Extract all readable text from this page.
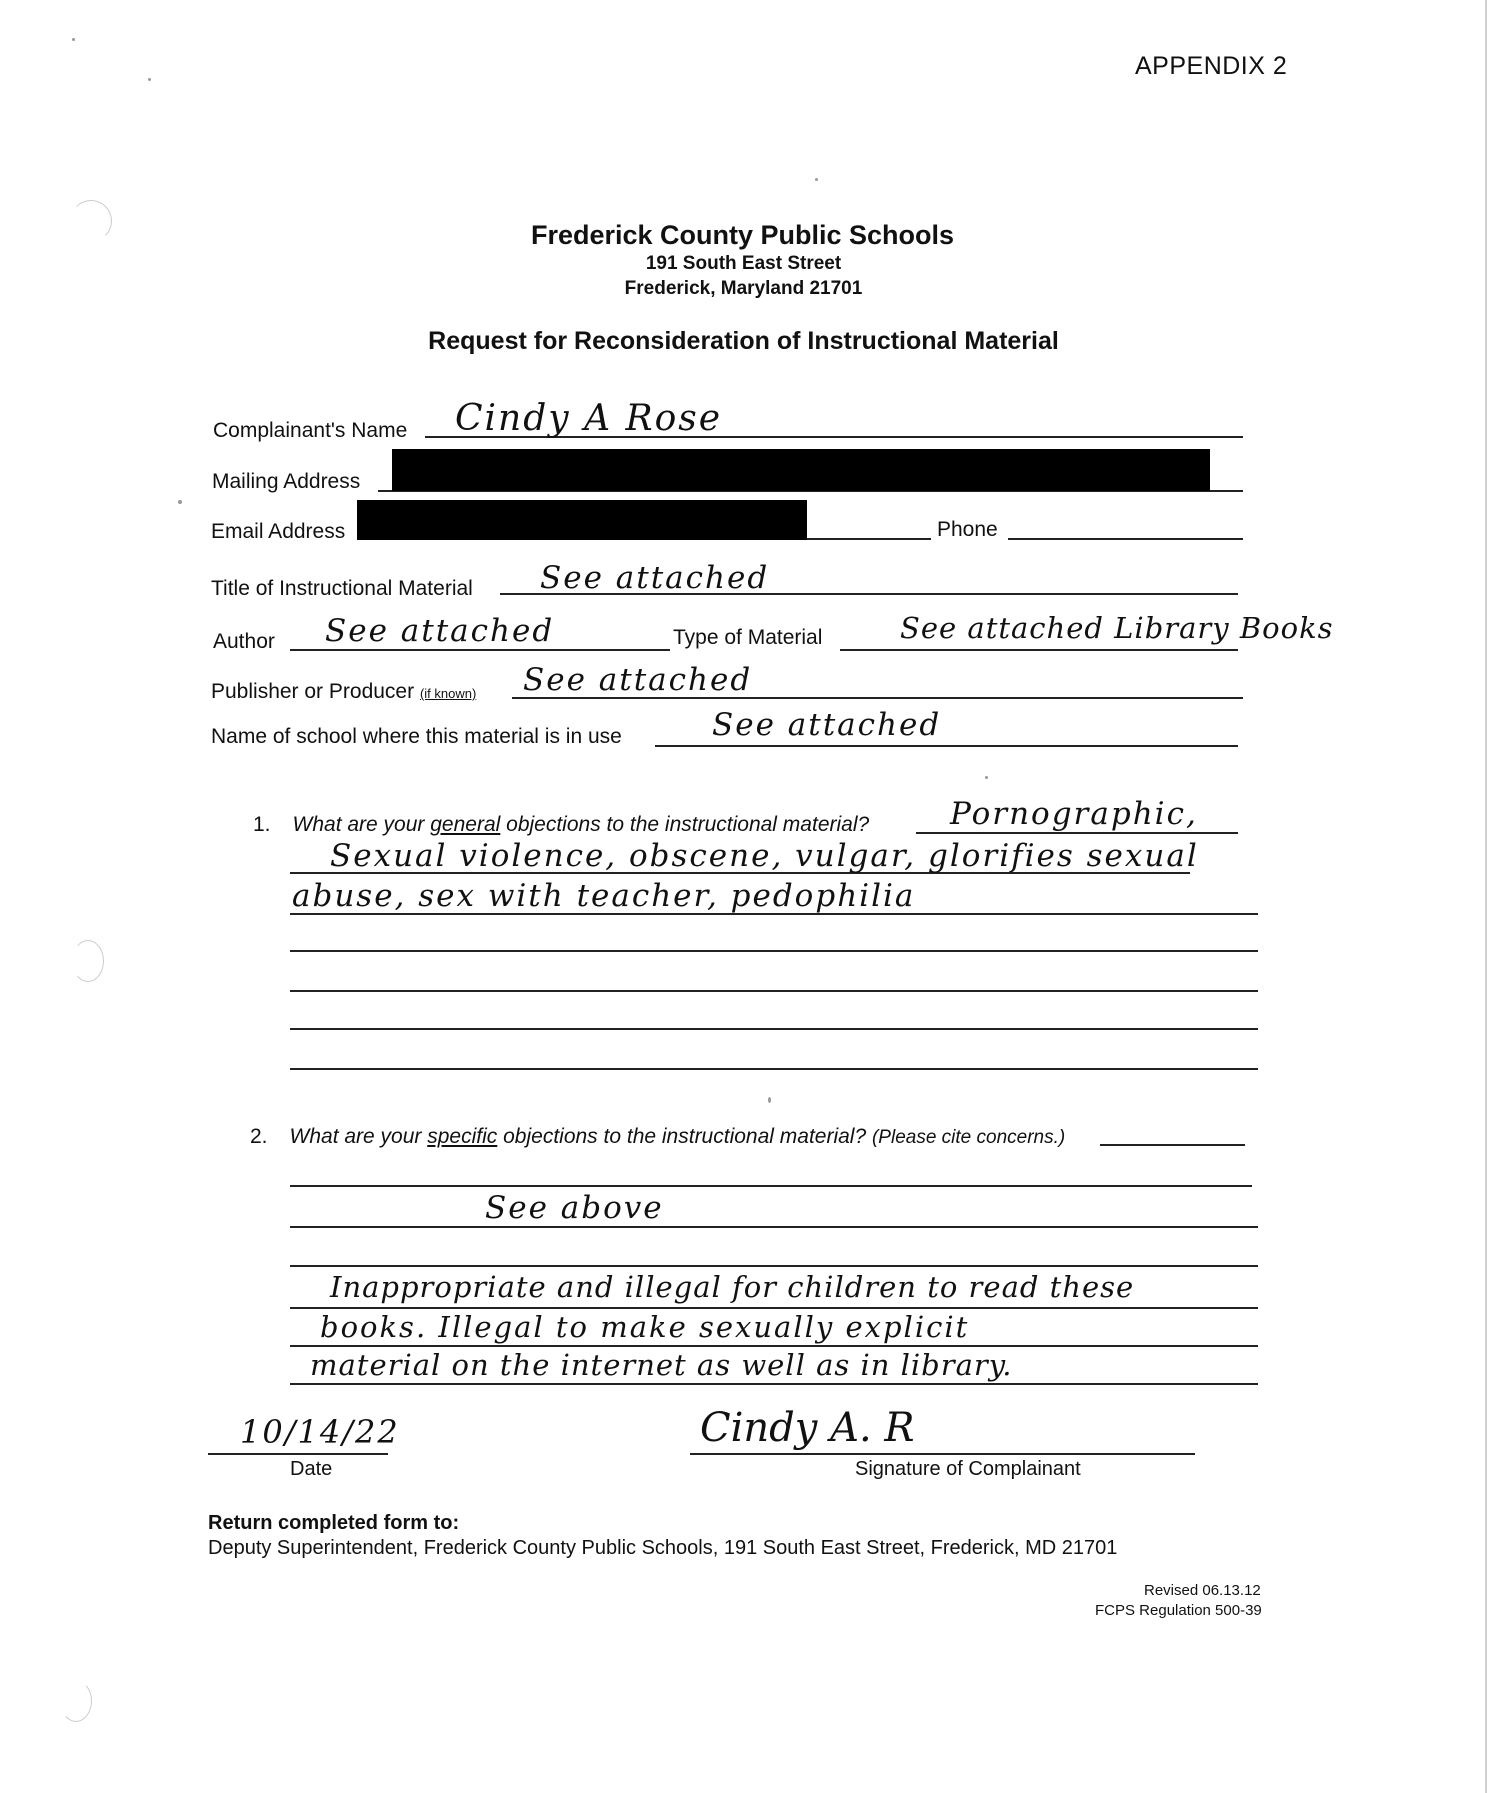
APPENDIX 2
Frederick County Public Schools
191 South East Street
Frederick, Maryland 21701
Request for Reconsideration of Instructional Material
Complainant's Name Cindy A Rose
Mailing Address
Email Address	Phone
Title of Instructional Material See attached
Author See attached	Type of Material	See attached Library Books
Publisher or Producer (if known) See attached
Name of school where this material is in use	See attached
1. What are your general objections to the instructional material?	Pornographic,
Sexual violence, obscene, vulgar, glorifies sexual
abuse, sex with teacher, pedophilia
2. What are your specific objections to the instructional material? (Please cite concerns.)
See above
Inappropriate and illegal for children to read these
books. Illegal to make sexually explicit
material on the internet as well as in library.
10/14/22
Date
Cindy A. R
Signature of Complainant
Return completed form to:
Deputy Superintendent, Frederick County Public Schools, 191 South East Street, Frederick, MD 21701
Revised 06.13.12
FCPS Regulation 500-39
